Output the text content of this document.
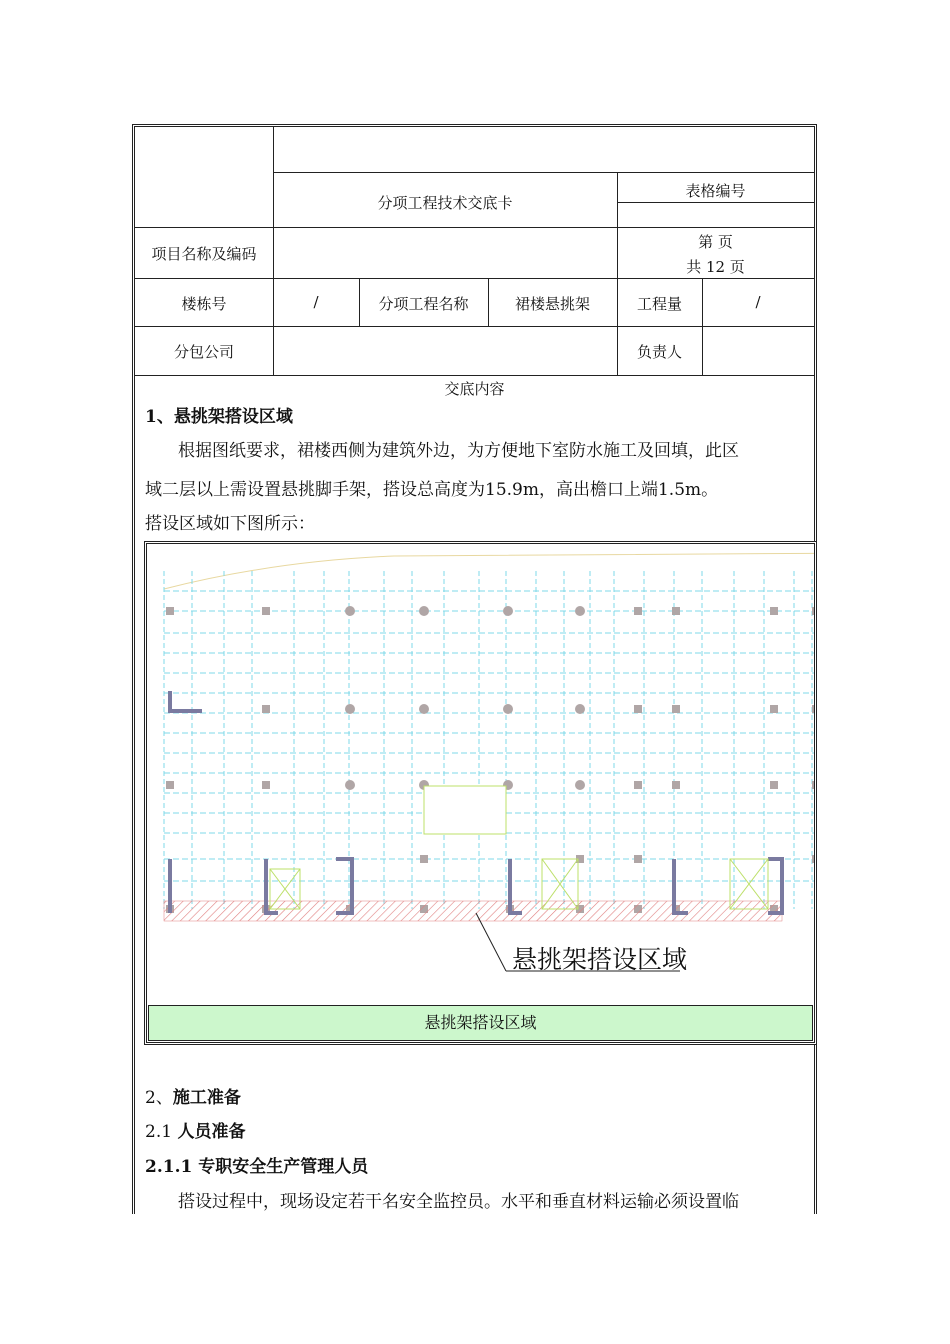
分项工程技术交底卡
表格编号
项目名称及编码
第 页
共 12 页
楼栋号	/	分项工程名称	裙楼悬挑架	工程量	/
分包公司	负责人
交底内容
1、悬挑架搭设区域
根据图纸要求，裙楼西侧为建筑外边，为方便地下室防水施工及回填，此区
域二层以上需设置悬挑脚手架，搭设总高度为15.9m，高出檐口上端1.5m。
搭设区域如下图所示：
悬挑架搭设区域
悬挑架搭设区域
2、施工准备
2.1 人员准备
2.1.1 专职安全生产管理人员
搭设过程中，现场设定若干名安全监控员。水平和垂直材料运输必须设置临
